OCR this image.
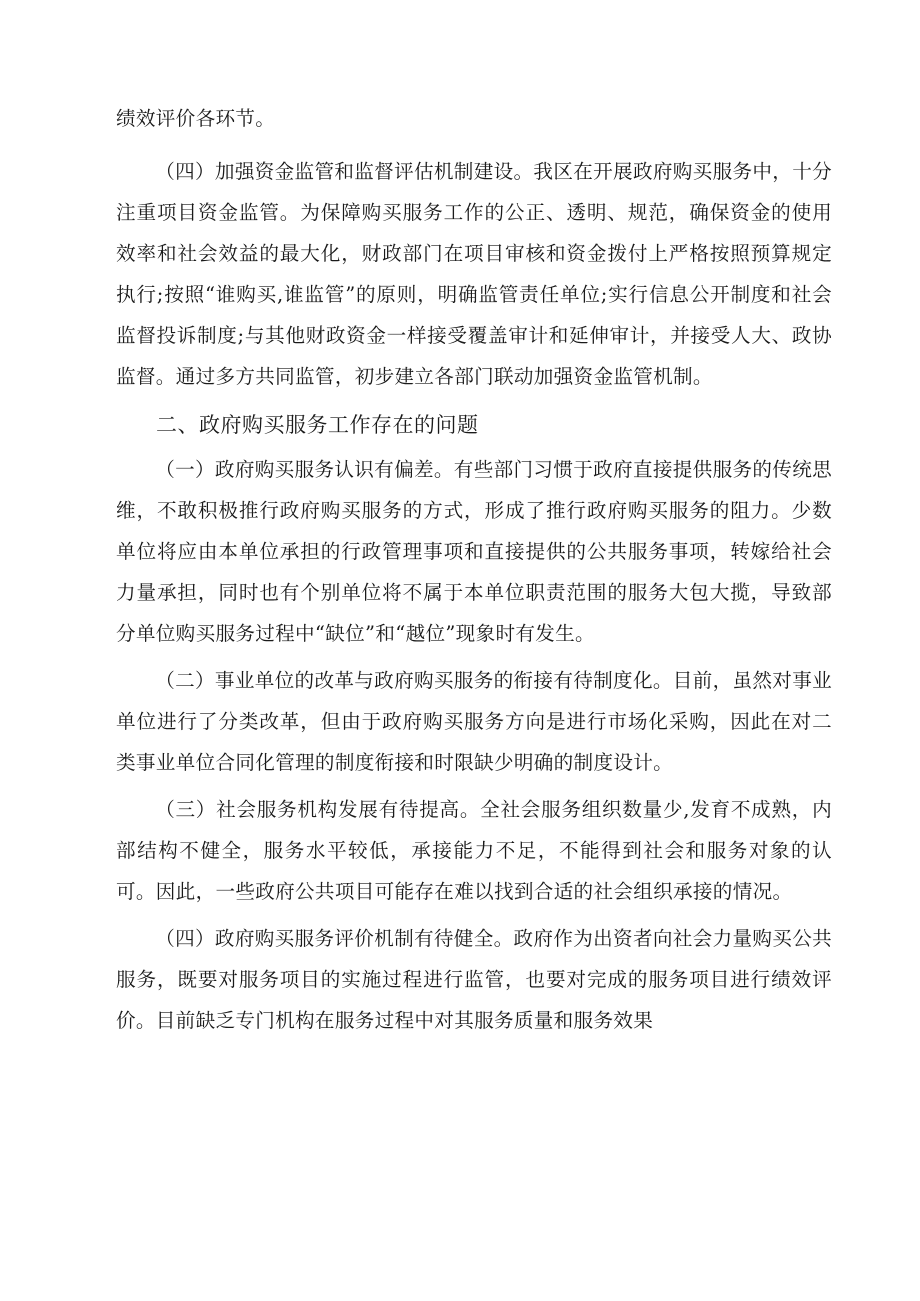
绩效评价各环节。

（四）加强资金监管和监督评估机制建设。我区在开展政府购买服务中，十分注重项目资金监管。为保障购买服务工作的公正、透明、规范，确保资金的使用效率和社会效益的最大化，财政部门在项目审核和资金拨付上严格按照预算规定执行;按照“谁购买,谁监管”的原则，明确监管责任单位;实行信息公开制度和社会监督投诉制度;与其他财政资金一样接受覆盖审计和延伸审计，并接受人大、政协监督。通过多方共同监管，初步建立各部门联动加强资金监管机制。

二、政府购买服务工作存在的问题

（一）政府购买服务认识有偏差。有些部门习惯于政府直接提供服务的传统思维，不敢积极推行政府购买服务的方式，形成了推行政府购买服务的阻力。少数单位将应由本单位承担的行政管理事项和直接提供的公共服务事项，转嫁给社会力量承担，同时也有个别单位将不属于本单位职责范围的服务大包大揽，导致部分单位购买服务过程中“缺位”和“越位”现象时有发生。

（二）事业单位的改革与政府购买服务的衔接有待制度化。目前，虽然对事业单位进行了分类改革，但由于政府购买服务方向是进行市场化采购，因此在对二类事业单位合同化管理的制度衔接和时限缺少明确的制度设计。

（三）社会服务机构发展有待提高。全社会服务组织数量少,发育不成熟，内部结构不健全，服务水平较低，承接能力不足，不能得到社会和服务对象的认可。因此，一些政府公共项目可能存在难以找到合适的社会组织承接的情况。

（四）政府购买服务评价机制有待健全。政府作为出资者向社会力量购买公共服务，既要对服务项目的实施过程进行监管，也要对完成的服务项目进行绩效评价。目前缺乏专门机构在服务过程中对其服务质量和服务效果
